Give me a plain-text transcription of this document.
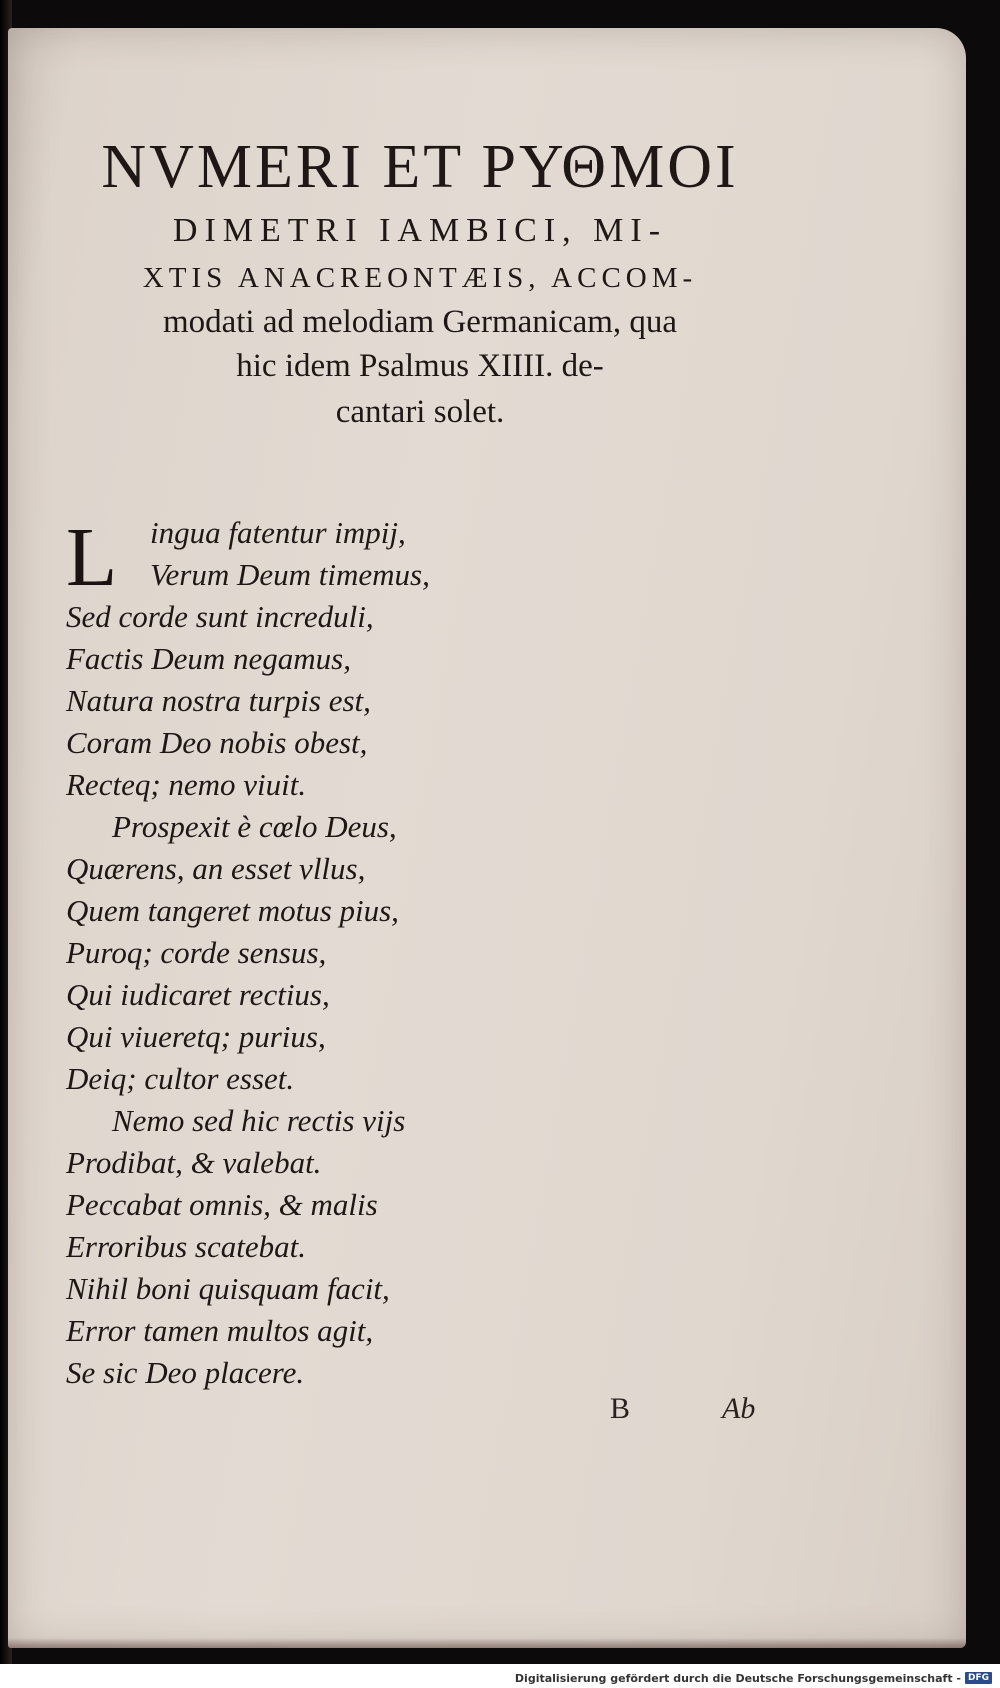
NVMERI ET ΡΥΘΜΟΙ
DIMETRI IAMBICI, MI-
XTIS ANACREONTÆIS, ACCOM-
modati ad melodiam Germanicam, qua
hic idem Psalmus XIIII. de-
cantari solet.
L	ingua fatentur impij,
Verum Deum timemus,
Sed corde sunt increduli,
Factis Deum negamus,
Natura nostra turpis est,
Coram Deo nobis obest,
Recteq; nemo viuit.
Prospexit è cœlo Deus,
Quærens, an esset vllus,
Quem tangeret motus pius,
Puroq; corde sensus,
Qui iudicaret rectius,
Qui viueretq; purius,
Deiq; cultor esset.
Nemo sed hic rectis vijs
Prodibat, & valebat.
Peccabat omnis, & malis
Erroribus scatebat.
Nihil boni quisquam facit,
Error tamen multos agit,
Se sic Deo placere.
B	Ab
Digitalisierung gefördert durch die Deutsche Forschungsgemeinschaft - DFG
